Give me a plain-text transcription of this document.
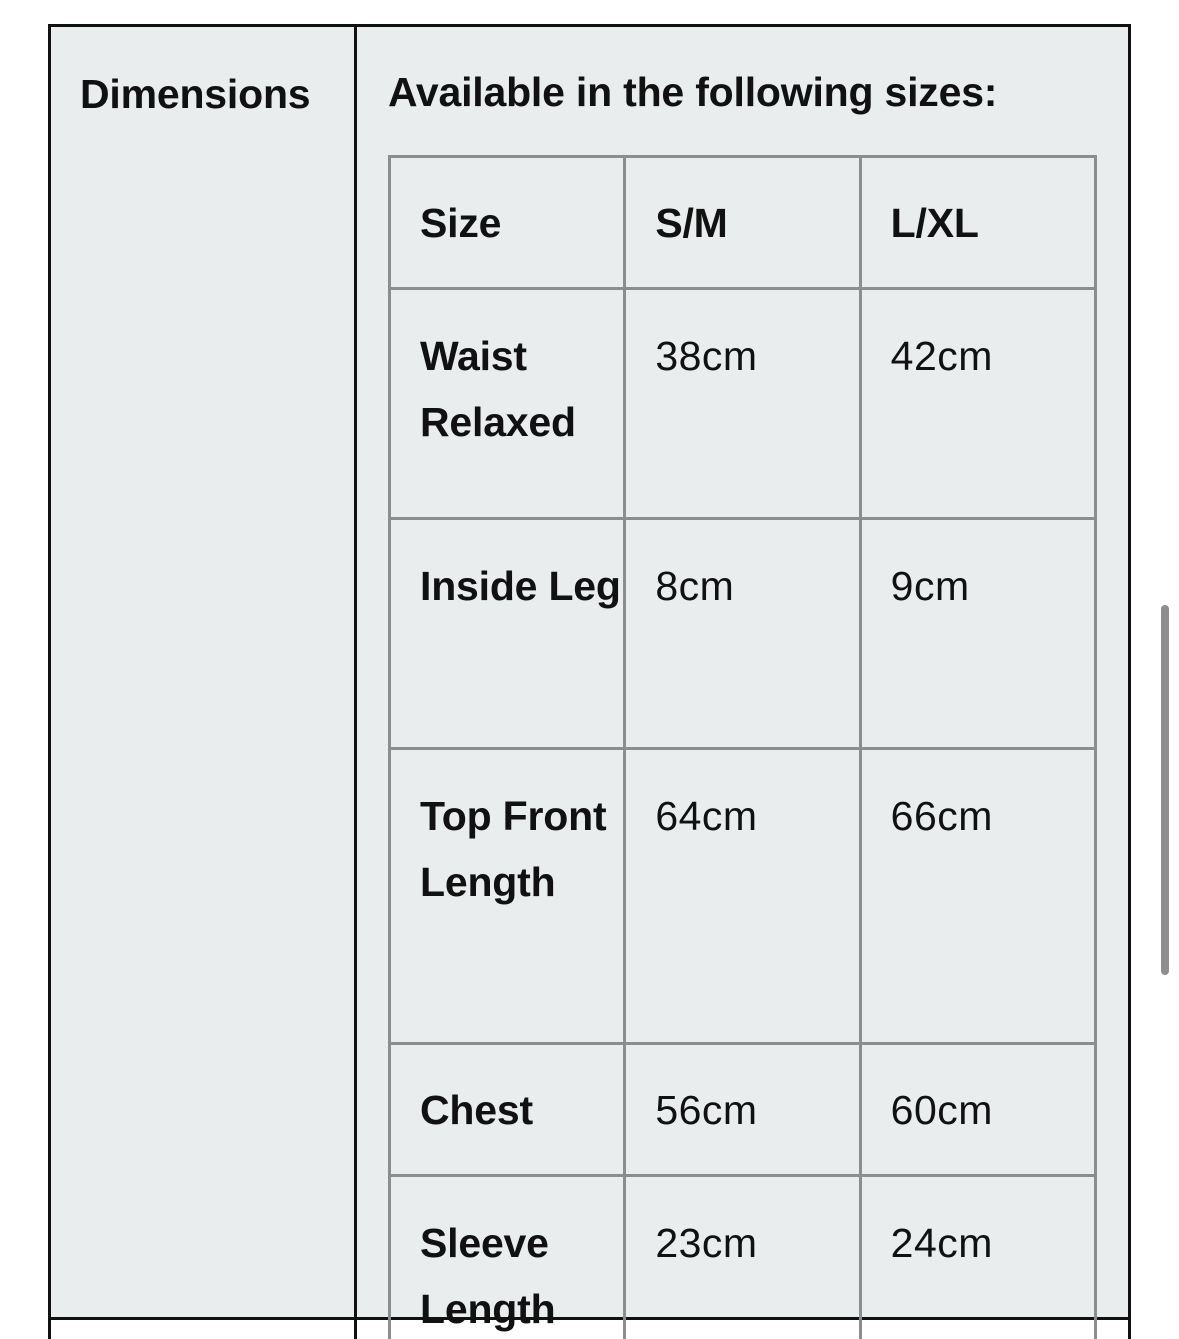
Dimensions	Available in the following sizes:
Size	S/M	L/XL
Waist Relaxed	38cm	42cm
Inside Leg	8cm	9cm
Top Front Length	64cm	66cm
Chest	56cm	60cm
Sleeve Length	23cm	24cm
